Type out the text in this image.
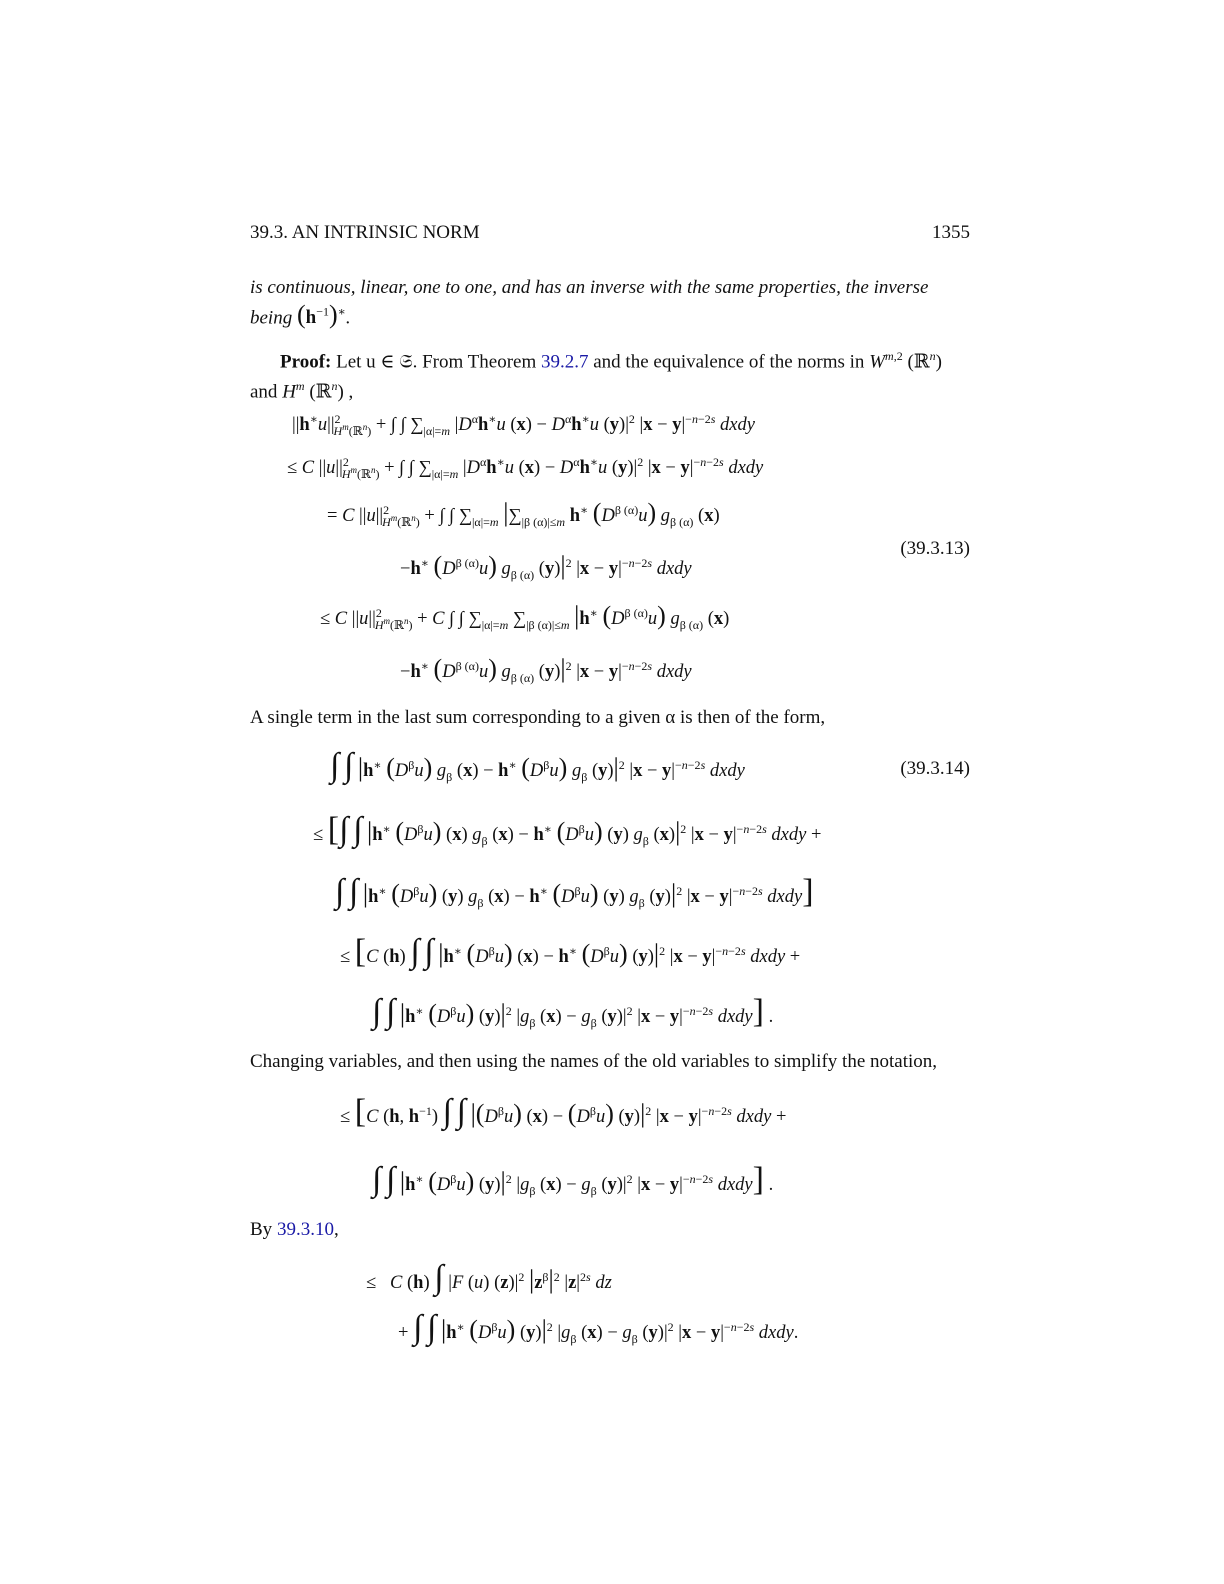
39.3. AN INTRINSIC NORM	1355
is continuous, linear, one to one, and has an inverse with the same properties, the inverse
being $(h^{-1})^∗$.
Proof: Let u ∈ 𝔖. From Theorem 39.2.7 and the equivalence of the norms in W$^{m,2}$ (ℝ$^n$)
and $H^m$ (ℝ$^n$) ,
$||h^∗u||^2_{H^m(ℝ^n)}$ + ∫ ∫ $\sum_{|\alpha|=m}$ $|D^\alpha h^∗u$ $(x) - D^\alpha h^∗u$ $(y)|^2$ $|x - y|^{-n-2s}$ dxdy
≤ C $||u||^2_{H^m(ℝ^n)}$ + ∫ ∫ $\sum_{|\alpha|=m}$ $|D^\alpha h^∗u$ $(x) - D^\alpha h^∗u$ $(y)|^2$ $|x - y|^{-n-2s}$ dxdy
= C $||u||^2_{H^m(ℝ^n)}$ + ∫ ∫ $\sum_{|\alpha|=m}$ $|\sum_{|\beta (\alpha)|\le m}$ h∗ $(D^{\beta (\alpha)}u)$ $g_{\beta (\alpha)}$ (x)
−h∗ $(D^{\beta (\alpha)}u)$ $g_{\beta (\alpha)}$ $(y)|^2$ $|x - y|^{-n-2s}$ dxdy
(39.3.13)
≤ C $||u||^2_{H^m(ℝ^n)} + C$ ∫ ∫ $\sum_{|\alpha|=m}$ $\sum_{|\beta (\alpha)|\le m}$ |h∗ $(D^{\beta (\alpha)}u)$ $g_{\beta (\alpha)}$ (x)
−h∗ $(D^{\beta (\alpha)}u)$ $g_{\beta (\alpha)}$ $(y)|^2$ $|x - y|^{-n-2s}$ dxdy
A single term in the last sum corresponding to a given α is then of the form,
∫ ∫ |h∗ $(D^\beta u)$ $g_\beta$ (x) − h∗ $(D^\beta u)$ $g_\beta$ $(y)|^2$ $|x - y|^{-n-2s}$ dxdy	(39.3.14)
≤ [∫ ∫ |h∗ $(D^\beta u)$ (x) $g_\beta$ (x) − h∗ $(D^\beta u)$ (y) $g_\beta$ $(x)|^2$ $|x - y|^{-n-2s}$ dxdy +
∫ ∫ |h∗ $(D^\beta u)$ (y) $g_\beta$ (x) − h∗ $(D^\beta u)$ (y) $g_\beta$ $(y)|^2$ $|x - y|^{-n-2s}$ dxdy]
≤ [C (h) ∫ ∫ |h∗ $(D^\beta u) (x) - h^∗$ $(D^\beta u)$ $(y)|^2$ $|x - y|^{-n-2s}$ dxdy +
∫ ∫ |h∗ $(D^\beta u)$ $(y)|^2$ $|g_\beta$ $(x) - g_\beta$ $(y)|^2$ $|x - y|^{-n-2s}$ dxdy] .
Changing variables, and then using the names of the old variables to simplify the notation,
≤ [C (h, $h^{-1}$) ∫ ∫ $|(D^\beta u) (x) - (D^\beta u)$ $(y)|^2$ $|x - y|^{-n-2s}$ dxdy +
∫ ∫ |h∗ $(D^\beta u)$ $(y)|^2$ $|g_\beta$ $(x) - g_\beta$ $(y)|^2$ $|x - y|^{-n-2s}$ dxdy] .
By 39.3.10,
≤   C (h) ∫ |F (u) $(z)|^2$ $|z^\beta|^2$ $|z|^{2s}$ dz
+ ∫ ∫ |h∗ $(D^\beta u)$ $(y)|^2$ $|g_\beta$ $(x) - g_\beta$ $(y)|^2$ $|x - y|^{-n-2s}$ dxdy.
